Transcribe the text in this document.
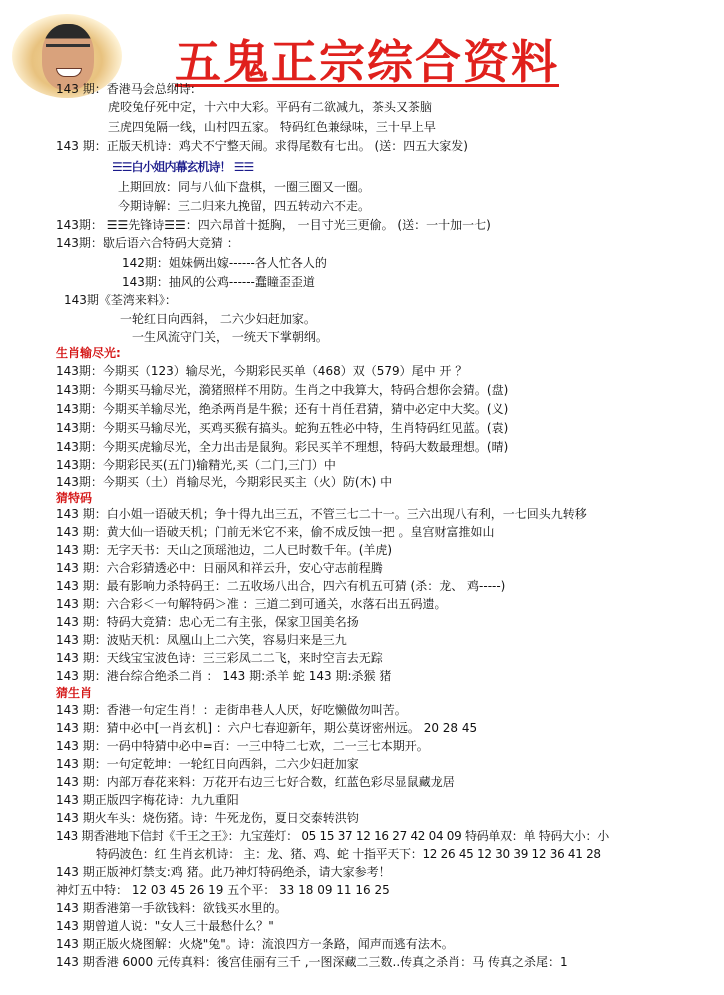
五鬼正宗综合资料
143 期：香港马会总纲诗:
虎咬兔仔死中定，十六中大彩。平码有二欲减九，茶头又茶脑
三虎四兔隔一线，山村四五家。 特码红色兼绿味，三十早上早
143 期：正版天机诗：鸡犬不宁整天闹。求得尾数有七出。 (送：四五大家发)
☰☰白小姐内幕玄机诗！ ☰☰
上期回放：同与八仙下盘棋，一圈三圈又一圈。
今期诗解：三二归来九挽留，四五转动六不走。
143期： ☰☰先锋诗☰☰：四六昂首十挺胸， 一目寸光三更偷。 (送：一十加一七)
143期：歇后语六合特码大竞猜 ：
142期：姐妹俩出嫁------各人忙各人的
143期：抽风的公鸡------蠢瞳歪歪道
143期《荃湾来料》：
一轮红日向西斜， 二六少妇赶加家。
一生风流守门关， 一统天下掌朝纲。
生肖输尽光:
143期：今期买（123）输尽光，今期彩民买单（468）双（579）尾中 开 ？
143期：今期买马输尽光，漪猪照样不用防。生肖之中我算大，特码合想你会猜。(盘)
143期：今期买羊输尽光，绝杀两肖是牛猴；还有十肖任君猜，猜中必定中大奖。(义)
143期：今期买马输尽光，买鸡买猴有搞头。蛇狗五牲必中特，生肖特码红见蓝。(袁)
143期：今期买虎输尽光，全力出击是鼠狗。彩民买羊不理想，特码大数最理想。(晴)
143期：今期彩民买(五门)输精光,买（二门,三门）中
143期：今期买（土）肖输尽光，今期彩民买主（火）防(木) 中
猜特码
143 期：白小姐一语破天机；争十得九出三五，不管三七二十一。三六出现八有利，一七回头九转移
143 期：黄大仙一语破天机；门前无米它不来，偷不成反蚀一把 。皇宫财富推如山
143 期：无字天书：天山之顶瑶池边，二人已时数千年。(羊虎)
143 期：六合彩猜透必中：日丽风和祥云升，安心守志前程腾
143 期：最有影响力杀特码王：二五收场八出合，四六有机五可猜 (杀：龙、 鸡-----)
143 期：六合彩＜一句解特码＞准 ：三道二到可通关，水落石出五码遗。
143 期：特码大竞猜：忠心无二有主张，保家卫国美名扬
143 期：波贴天机：凤凰山上二六笑，容易归来是三九
143 期：天线宝宝波色诗：三三彩凤二二飞，来时空言去无踪
143 期：港台综合绝杀二肖 ： 143 期:杀羊 蛇 143 期:杀猴 猪
猜生肖
143 期：香港一句定生肖！：走街串巷人人厌，好吃懒做勿叫苦。
143 期：猜中必中[一肖玄机] ：六户七春迎新年，期公莫讶密州远。 20 28 45
143 期：一码中特猜中必中=百：一三中特二七欢，二一三七本期开。
143 期：一句定乾坤：一轮红日向西斜，二六少妇赶加家
143 期：内部万春花来料：万花开右边三七好合数，红蓝色彩尽显鼠藏龙居
143 期正版四字梅花诗：九九重阳
143 期火车头：烧伤猪。诗：牛死龙伤，夏日交泰转洪钧
143 期香港地下信封《千王之王》：九宝莲灯： 05 15 37 12 16 27 42 04 09 特码单双：单 特码大小：小
特码波色：红 生肖玄机诗： 主：龙、猪、鸡、蛇 十指平天下：12 26 45 12 30 39 12 36 41 28
143 期正版神灯禁支:鸡 猪。此乃神灯特码绝杀，请大家参考！
神灯五中特： 12 03 45 26 19 五个平： 33 18 09 11 16 25
143 期香港第一手欲钱料：欲钱买水里的。
143 期曾道人说："女人三十最愁什么？"
143 期正版火烧图解：火烧"兔"。诗：流浪四方一条路，闻声而逃有法木。
143 期香港 6000 元传真料：後宫佳丽有三千 ,一图深藏二三数..传真之杀肖：马 传真之杀尾：1
